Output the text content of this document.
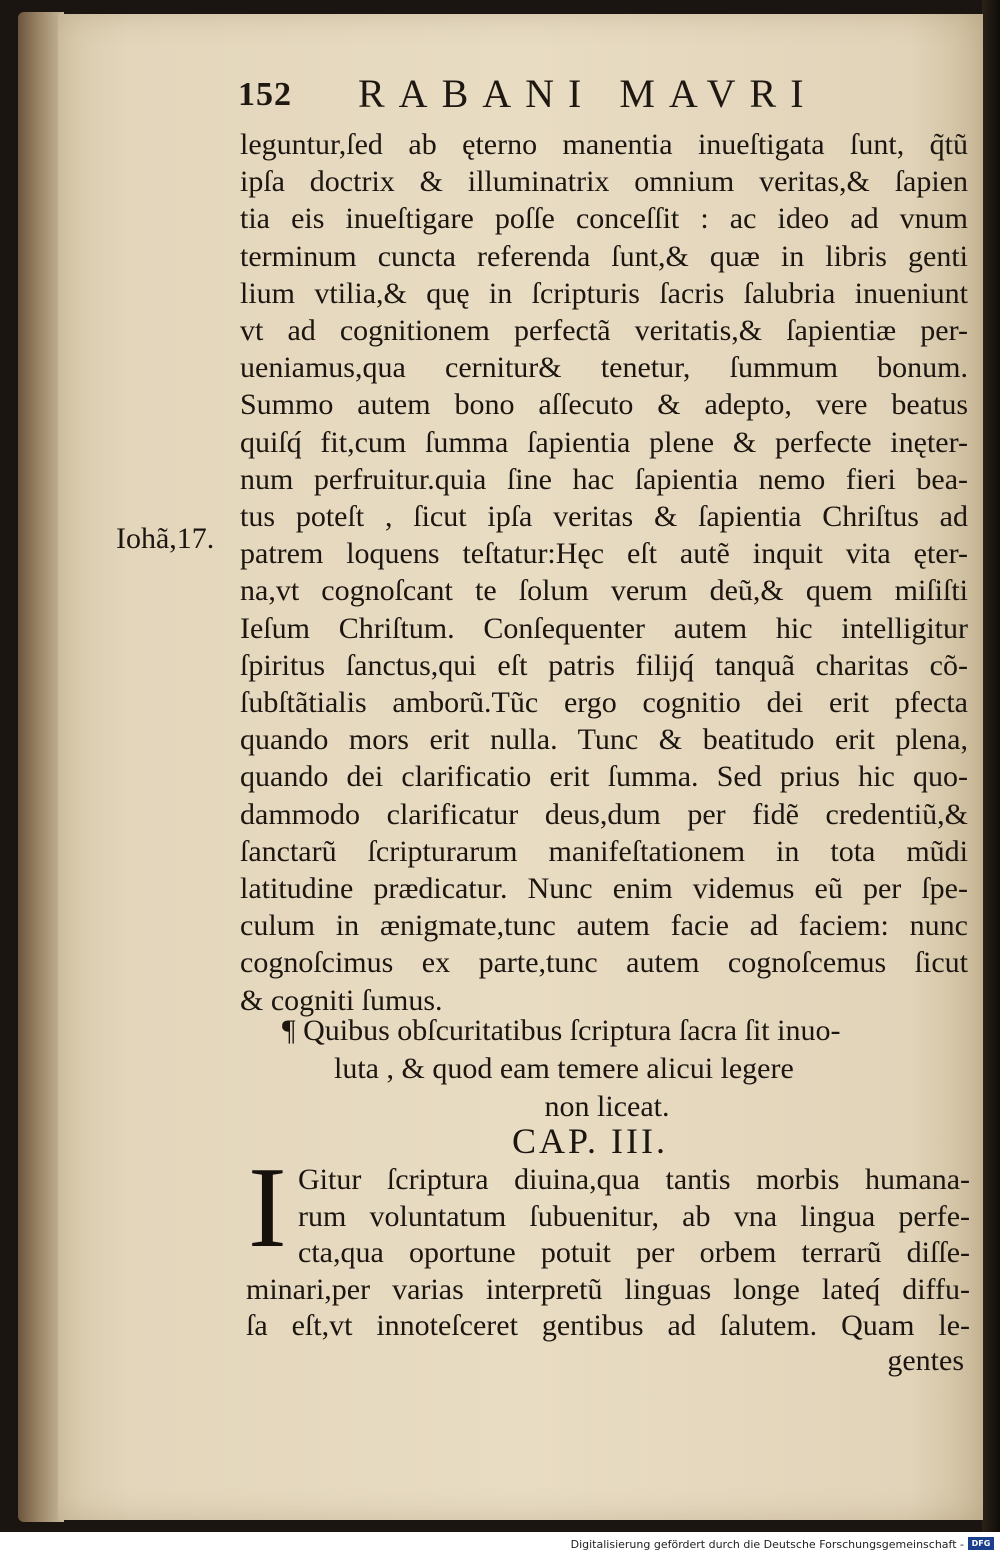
152 RABANI MAVRI
Iohã,17.
leguntur,ſed ab ęterno manentia inueſtigata ſunt, q̃tũ
ipſa doctrix & illuminatrix omnium veritas,& ſapien
tia eis inueſtigare poſſe conceſſit : ac ideo ad vnum
terminum cuncta referenda ſunt,& quæ in libris genti
lium vtilia,& quę in ſcripturis ſacris ſalubria inueniunt
vt ad cognitionem perfectã veritatis,& ſapientiæ per-
ueniamus,qua cernitur& tenetur, ſummum bonum.
Summo autem bono aſſecuto & adepto, vere beatus
quiſq́ fit,cum ſumma ſapientia plene & perfecte inęter-
num perfruitur.quia ſine hac ſapientia nemo fieri bea-
tus poteſt , ſicut ipſa veritas & ſapientia Chriſtus ad
patrem loquens teſtatur:Hęc eſt autẽ inquit vita ęter-
na,vt cognoſcant te ſolum verum deũ,& quem miſiſti
Ieſum Chriſtum. Conſequenter autem hic intelligitur
ſpiritus ſanctus,qui eſt patris filijq́ tanquã charitas cõ-
ſubſtãtialis amborũ.Tũc ergo cognitio dei erit pfecta
quando mors erit nulla. Tunc & beatitudo erit plena,
quando dei clarificatio erit ſumma. Sed prius hic quo-
dammodo clarificatur deus,dum per fidẽ credentiũ,&
ſanctarũ ſcripturarum manifeſtationem in tota mũdi
latitudine prædicatur. Nunc enim videmus eũ per ſpe-
culum in ænigmate,tunc autem facie ad faciem: nunc
cognoſcimus ex parte,tunc autem cognoſcemus ſicut
& cogniti ſumus.
¶ Quibus obſcuritatibus ſcriptura ſacra ſit inuo-
luta , & quod eam temere alicui legere
non liceat.
CAP. III.
I Gitur ſcriptura diuina,qua tantis morbis humana-
rum voluntatum ſubuenitur, ab vna lingua perfe-
cta,qua oportune potuit per orbem terrarũ diſſe-
minari,per varias interpretũ linguas longe lateq́ diffu-
ſa eſt,vt innoteſceret gentibus ad ſalutem. Quam le-
gentes
Digitalisierung gefördert durch die Deutsche Forschungsgemeinschaft - DFG
